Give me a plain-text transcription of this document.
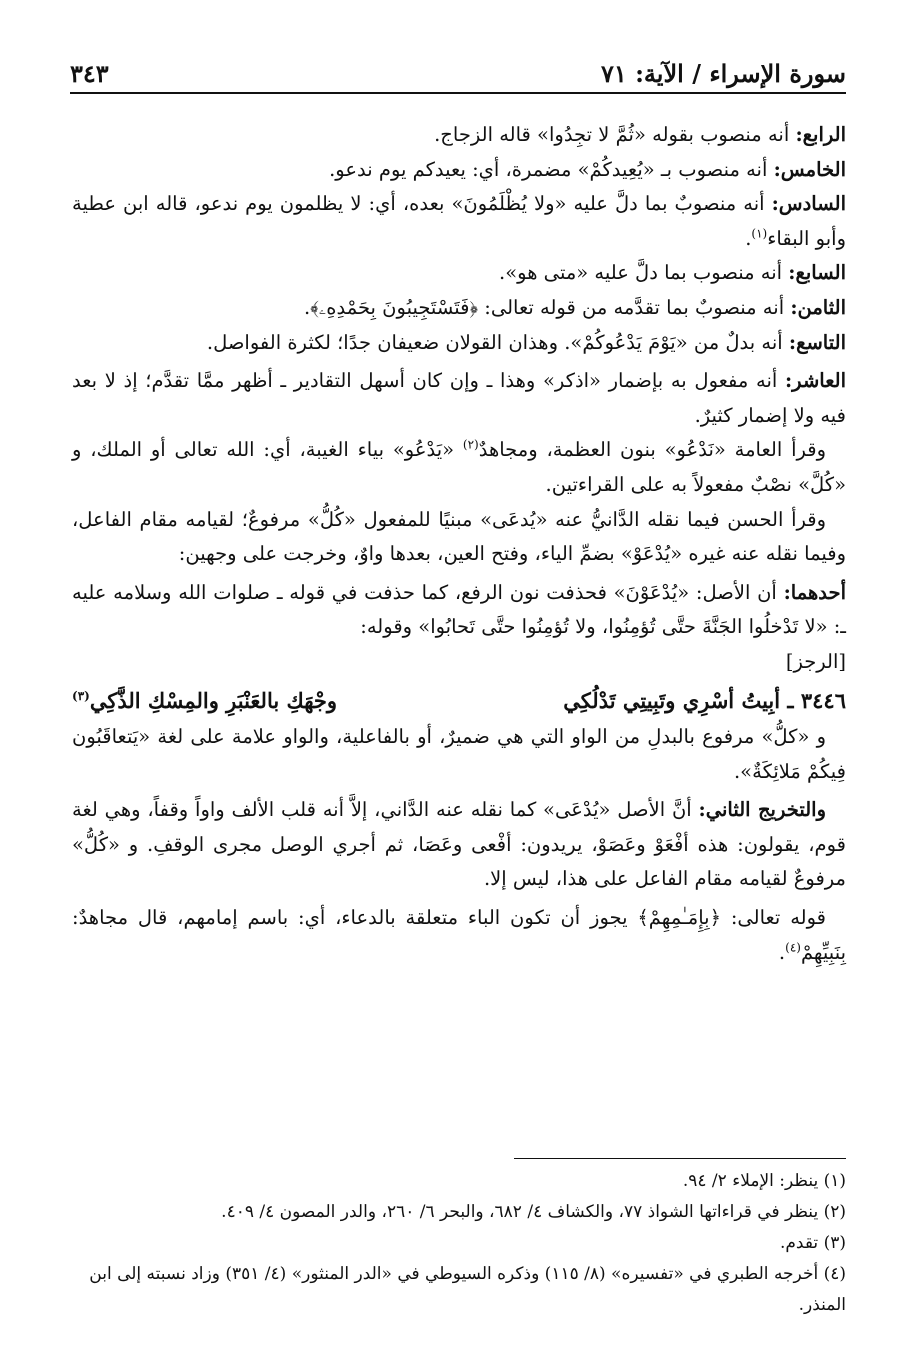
سورة الإسراء / الآية: ٧١
٣٤٣

الرابع: أنه منصوب بقوله «ثُمَّ لا تجِدُوا» قاله الزجاج.

الخامس: أنه منصوب بـ «يُعِيدكُمْ» مضمرة، أي: يعيدكم يوم ندعو.

السادس: أنه منصوبٌ بما دلَّ عليه «ولا يُظْلَمُونَ» بعده، أي: لا يظلمون يوم ندعو، قاله ابن عطية وأبو البقاء$^{(١)}$.

السابع: أنه منصوب بما دلَّ عليه «متى هو».

الثامن: أنه منصوبٌ بما تقدَّمه من قوله تعالى: ﴿فَتَسْتَجِيبُونَ بِحَمْدِهِۦ﴾.

التاسع: أنه بدلٌ من «يَوْمَ يَدْعُوكُمْ». وهذان القولان ضعيفان جدًا؛ لكثرة الفواصل.

العاشر: أنه مفعول به بإضمار «اذكر» وهذا ـ وإن كان أسهل التقادير ـ أظهر ممَّا تقدَّم؛ إذ لا بعد فيه ولا إضمار كثيرٌ.

وقرأ العامة «نَدْعُو» بنون العظمة، ومجاهدٌ$^{(٢)}$ «يَدْعُو» بياء الغيبة، أي: الله تعالى أو الملك، و «كُلَّ» نصْبٌ مفعولاً به على القراءتين.

وقرأ الحسن فيما نقله الدَّانيُّ عنه «يُدعَى» مبنيًا للمفعول «كُلُّ» مرفوعٌ؛ لقيامه مقام الفاعل، وفيما نقله عنه غيره «يُدْعَوْ» بضمِّ الياء، وفتح العين، بعدها واوٌ، وخرجت على وجهين:

أحدهما: أن الأصل: «يُدْعَوْنَ» فحذفت نون الرفع، كما حذفت في قوله ـ صلوات الله وسلامه عليه ـ: «لا تَدْخلُوا الجَنَّةَ حتَّى تُؤمِنُوا، ولا تُؤمِنُوا حتَّى تَحابُوا» وقوله:

[الرجز]

٣٤٤٦ ـ أبِيتُ أسْرِي وتَبِيتِي تَدْلُكِي
وجْهَكِ بالعَنْبَرِ والمِسْكِ الذَّكِي$^{(٣)}$

و «كلُّ» مرفوع بالبدلِ من الواو التي هي ضميرٌ، أو بالفاعلية، والواو علامة على لغة «يَتعاقَبُون فِيكُمْ مَلائِكَةٌ».

والتخريج الثاني: أنَّ الأصل «يُدْعَى» كما نقله عنه الدَّاني، إلاَّ أنه قلب الألف واواً وقفاً، وهي لغة قوم، يقولون: هذه أفْعَوْ وعَصَوْ، يريدون: أفْعى وعَصَا، ثم أجري الوصل مجرى الوقفِ. و «كُلُّ» مرفوعٌ لقيامه مقام الفاعل على هذا، ليس إلا.

قوله تعالى: ﴿بِإِمَـٰمِهِمْ﴾ يجوز أن تكون الباء متعلقة بالدعاء، أي: باسم إمامهم، قال مجاهدٌ: بِنَبِيِّهِمْ$^{(٤)}$.

(١) ينظر: الإملاء ٢/ ٩٤.

(٢) ينظر في قراءاتها الشواذ ٧٧، والكشاف ٤/ ٦٨٢، والبحر ٦/ ٢٦٠، والدر المصون ٤/ ٤٠٩.

(٣) تقدم.

(٤) أخرجه الطبري في «تفسيره» (٨/ ١١٥) وذكره السيوطي في «الدر المنثور» (٤/ ٣٥١) وزاد نسبته إلى ابن المنذر.
